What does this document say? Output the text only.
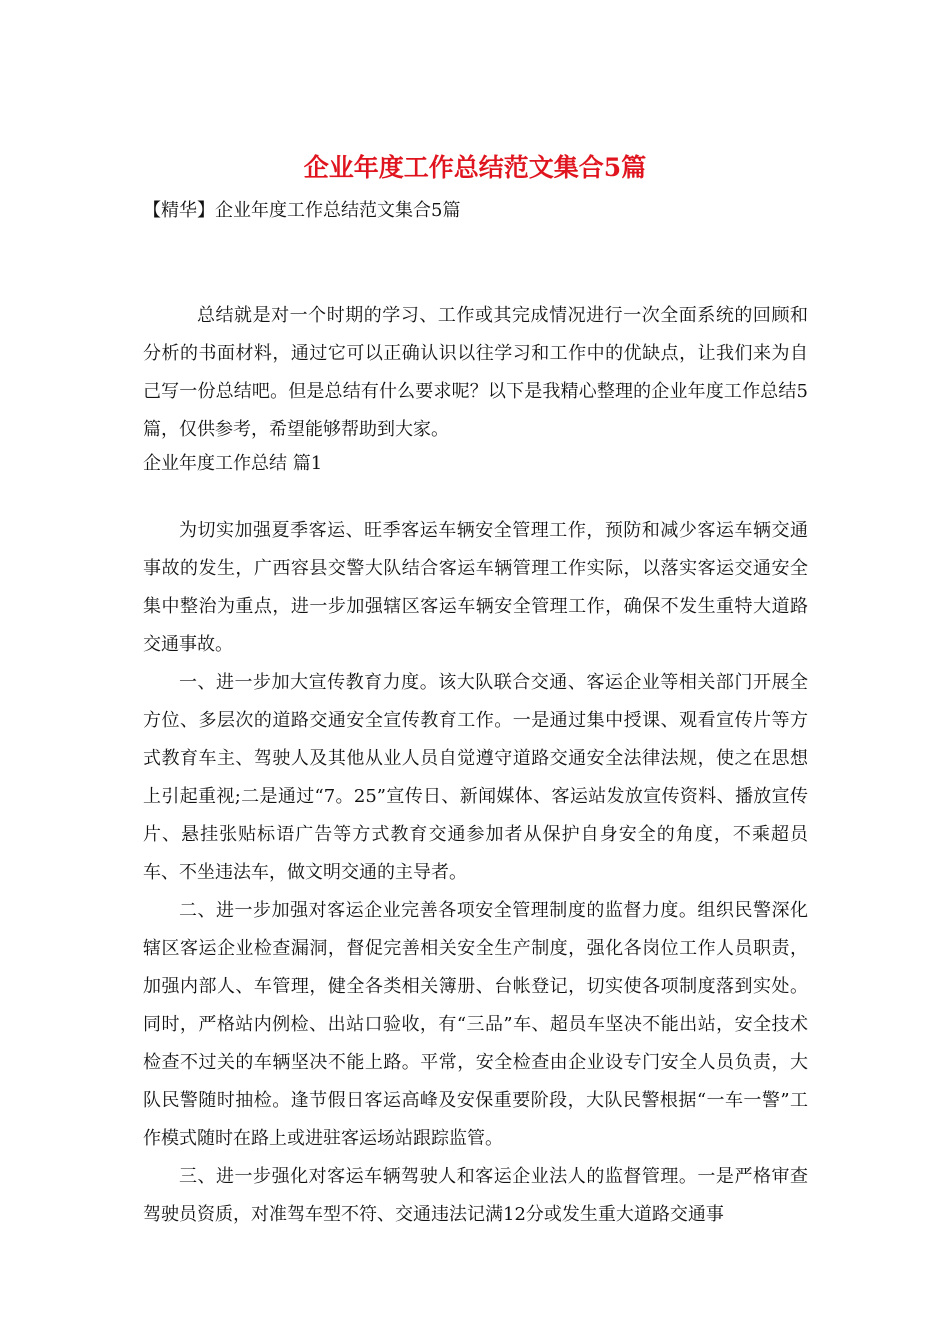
企业年度工作总结范文集合5篇

【精华】企业年度工作总结范文集合5篇

总结就是对一个时期的学习、工作或其完成情况进行一次全面系统的回顾和分析的书面材料，通过它可以正确认识以往学习和工作中的优缺点，让我们来为自己写一份总结吧。但是总结有什么要求呢？以下是我精心整理的企业年度工作总结5篇，仅供参考，希望能够帮助到大家。

企业年度工作总结 篇1

为切实加强夏季客运、旺季客运车辆安全管理工作，预防和减少客运车辆交通事故的发生，广西容县交警大队结合客运车辆管理工作实际，以落实客运交通安全集中整治为重点，进一步加强辖区客运车辆安全管理工作，确保不发生重特大道路交通事故。

一、进一步加大宣传教育力度。该大队联合交通、客运企业等相关部门开展全方位、多层次的道路交通安全宣传教育工作。一是通过集中授课、观看宣传片等方式教育车主、驾驶人及其他从业人员自觉遵守道路交通安全法律法规，使之在思想上引起重视;二是通过“7。25”宣传日、新闻媒体、客运站发放宣传资料、播放宣传片、悬挂张贴标语广告等方式教育交通参加者从保护自身安全的角度，不乘超员车、不坐违法车，做文明交通的主导者。

二、进一步加强对客运企业完善各项安全管理制度的监督力度。组织民警深化辖区客运企业检查漏洞，督促完善相关安全生产制度，强化各岗位工作人员职责，加强内部人、车管理，健全各类相关簿册、台帐登记，切实使各项制度落到实处。同时，严格站内例检、出站口验收，有“三品”车、超员车坚决不能出站，安全技术检查不过关的车辆坚决不能上路。平常，安全检查由企业设专门安全人员负责，大队民警随时抽检。逢节假日客运高峰及安保重要阶段，大队民警根据“一车一警”工作模式随时在路上或进驻客运场站跟踪监管。

三、进一步强化对客运车辆驾驶人和客运企业法人的监督管理。一是严格审查驾驶员资质，对准驾车型不符、交通违法记满12分或发生重大道路交通事
